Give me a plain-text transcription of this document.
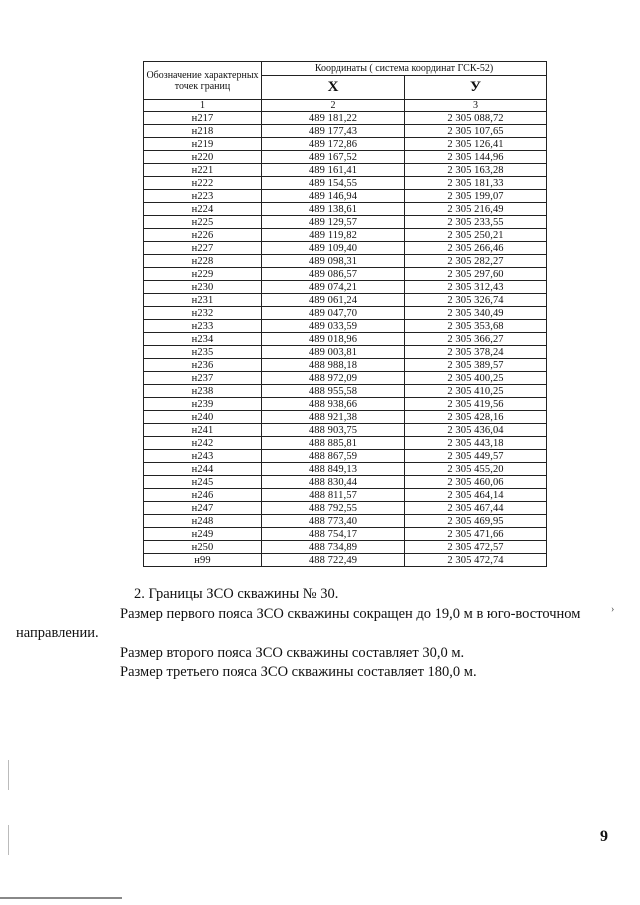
Обозначение характерных точек границ	Координаты ( система координат ГСК-52)	
	X	У
1	2	3
н217	489 181,22	2 305 088,72
н218	489 177,43	2 305 107,65
н219	489 172,86	2 305 126,41
н220	489 167,52	2 305 144,96
н221	489 161,41	2 305 163,28
н222	489 154,55	2 305 181,33
н223	489 146,94	2 305 199,07
н224	489 138,61	2 305 216,49
н225	489 129,57	2 305 233,55
н226	489 119,82	2 305 250,21
н227	489 109,40	2 305 266,46
н228	489 098,31	2 305 282,27
н229	489 086,57	2 305 297,60
н230	489 074,21	2 305 312,43
н231	489 061,24	2 305 326,74
н232	489 047,70	2 305 340,49
н233	489 033,59	2 305 353,68
н234	489 018,96	2 305 366,27
н235	489 003,81	2 305 378,24
н236	488 988,18	2 305 389,57
н237	488 972,09	2 305 400,25
н238	488 955,58	2 305 410,25
н239	488 938,66	2 305 419,56
н240	488 921,38	2 305 428,16
н241	488 903,75	2 305 436,04
н242	488 885,81	2 305 443,18
н243	488 867,59	2 305 449,57
н244	488 849,13	2 305 455,20
н245	488 830,44	2 305 460,06
н246	488 811,57	2 305 464,14
н247	488 792,55	2 305 467,44
н248	488 773,40	2 305 469,95
н249	488 754,17	2 305 471,66
н250	488 734,89	2 305 472,57
н99	488 722,49	2 305 472,74

2. Границы ЗСО скважины № 30.

Размер первого пояса ЗСО скважины сокращен до 19,0 м в юго-восточном

направлении.

Размер второго пояса ЗСО скважины составляет 30,0 м.

Размер третьего пояса ЗСО скважины составляет 180,0 м.

›
9
